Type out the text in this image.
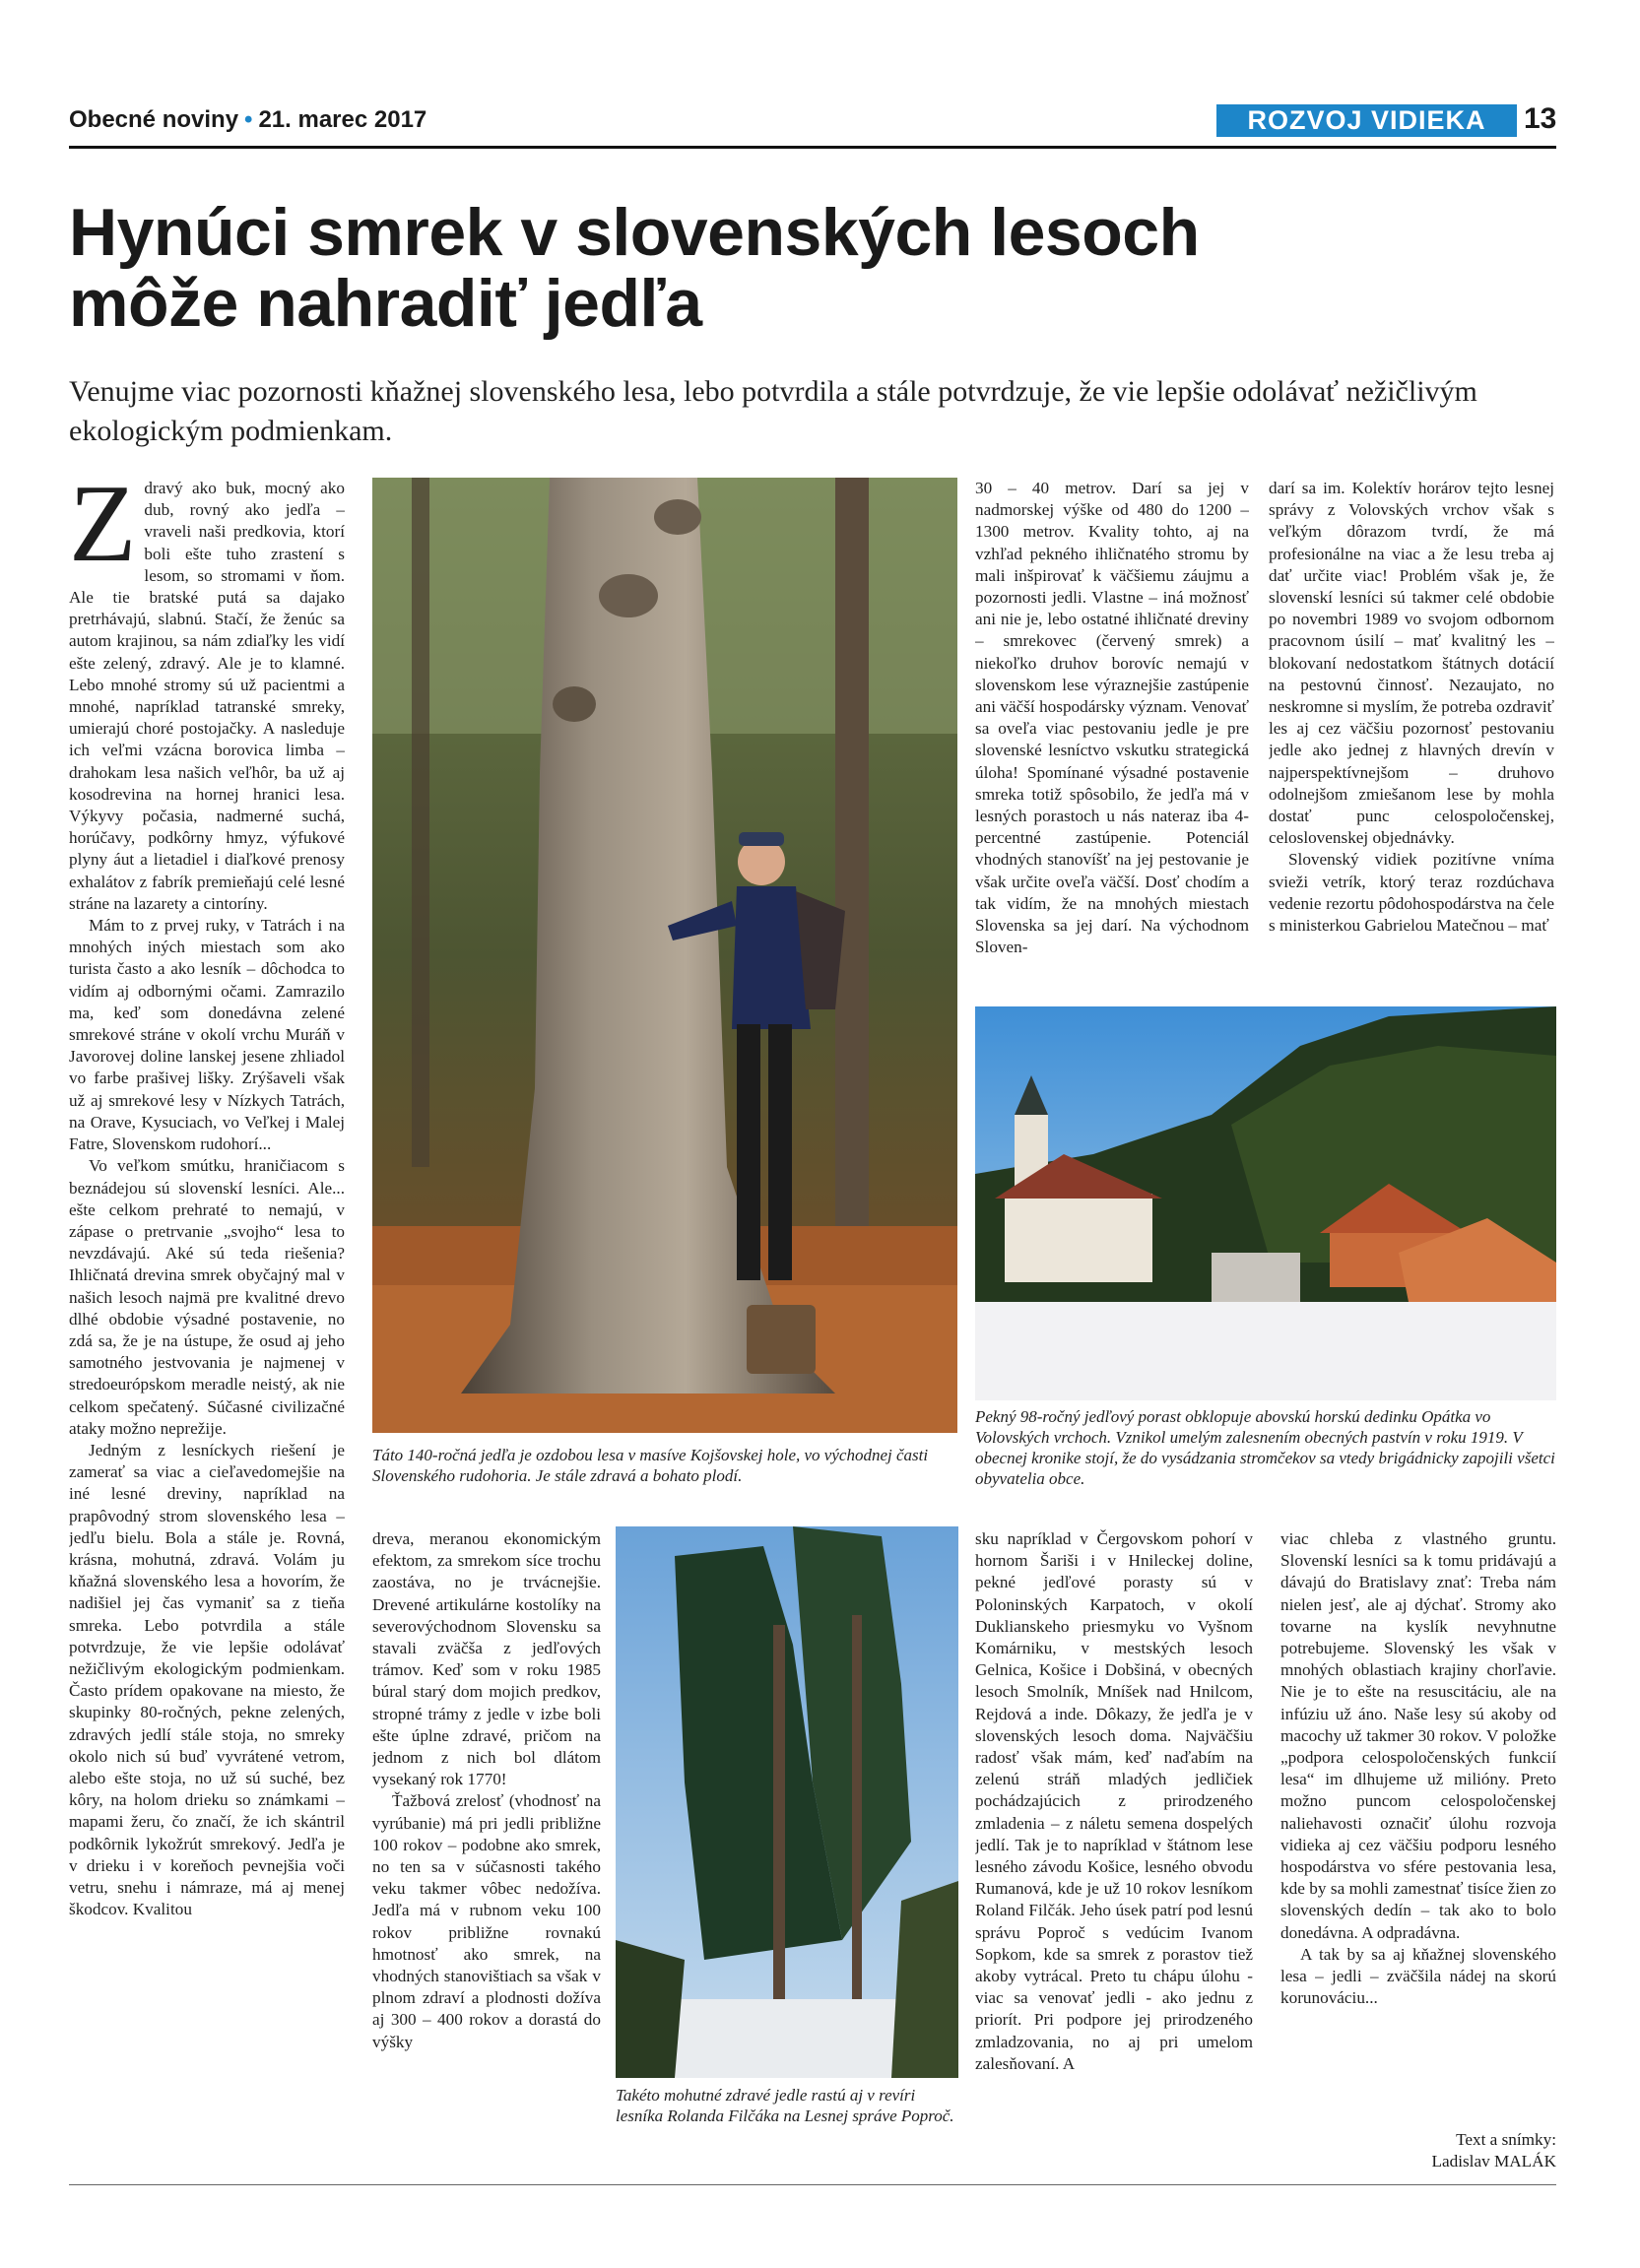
Obecné noviny • 21. marec 2017	ROZVOJ VIDIEKA	13
Hynúci smrek v slovenských lesoch
môže nahradiť jedľa
Venujme viac pozornosti kňažnej slovenského lesa, lebo potvrdila a stále potvrdzuje, že vie lepšie odolávať nežičlivým ekologickým podmienkam.

Zdravý ako buk, mocný ako dub, rovný ako jedľa – vraveli naši predkovia, ktorí boli ešte tuho zrastení s lesom, so stromami v ňom. Ale tie bratské putá sa dajako pretrhávajú, slabnú. Stačí, že ženúc sa autom krajinou, sa nám zdiaľky les vidí ešte zelený, zdravý. Ale je to klamné. Lebo mnohé stromy sú už pacientmi a mnohé, napríklad tatranské smreky, umierajú choré postojačky. A nasleduje ich veľmi vzácna borovica limba – drahokam lesa našich veľhôr, ba už aj kosodrevina na hornej hranici lesa. Výkyvy počasia, nadmerné suchá, horúčavy, podkôrny hmyz, výfukové plyny áut a lietadiel i diaľkové prenosy exhalátov z fabrík premieňajú celé lesné stráne na lazarety a cintoríny.

Mám to z prvej ruky, v Tatrách i na mnohých iných miestach som ako turista často a ako lesník – dôchodca to vidím aj odbornými očami. Zamrazilo ma, keď som donedávna zelené smrekové stráne v okolí vrchu Muráň v Javorovej doline lanskej jesene zhliadol vo farbe prašivej lišky. Zrýšaveli však už aj smrekové lesy v Nízkych Tatrách, na Orave, Kysuciach, vo Veľkej i Malej Fatre, Slovenskom rudohorí...

Vo veľkom smútku, hraničiacom s beznádejou sú slovenskí lesníci. Ale... ešte celkom prehraté to nemajú, v zápase o pretrvanie „svojho“ lesa to nevzdávajú. Aké sú teda riešenia? Ihličnatá drevina smrek obyčajný mal v našich lesoch najmä pre kvalitné drevo dlhé obdobie výsadné postavenie, no zdá sa, že je na ústupe, že osud aj jeho samotného jestvovania je najmenej v stredoeurópskom meradle neistý, ak nie celkom spečatený. Súčasné civilizačné ataky možno neprežije.

Jedným z lesníckych riešení je zamerať sa viac a cieľavedomejšie na iné lesné dreviny, napríklad na prapôvodný strom slovenského lesa – jedľu bielu. Bola a stále je. Rovná, krásna, mohutná, zdravá. Volám ju kňažná slovenského lesa a hovorím, že nadišiel jej čas vymaniť sa z tieňa smreka. Lebo potvrdila a stále potvrdzuje, že vie lepšie odolávať nežičlivým ekologickým podmienkam. Často prídem opakovane na miesto, že skupinky 80-ročných, pekne zelených, zdravých jedlí stále stoja, no smreky okolo nich sú buď vyvrátené vetrom, alebo ešte stoja, no už sú suché, bez kôry, na holom drieku so známkami – mapami žeru, čo značí, že ich skántril podkôrnik lykožrút smrekový. Jedľa je v drieku i v koreňoch pevnejšia voči vetru, snehu i námraze, má aj menej škodcov. Kvalitou

Táto 140-ročná jedľa je ozdobou lesa v masíve Kojšovskej hole, vo východnej časti Slovenského rudohoria. Je stále zdravá a bohato plodí.

30 – 40 metrov. Darí sa jej v nadmorskej výške od 480 do 1200 – 1300 metrov. Kvality tohto, aj na vzhľad pekného ihličnatého stromu by mali inšpirovať k väčšiemu záujmu a pozornosti jedli. Vlastne – iná možnosť ani nie je, lebo ostatné ihličnaté dreviny – smrekovec (červený smrek) a niekoľko druhov borovíc nemajú v slovenskom lese výraznejšie zastúpenie ani väčší hospodársky význam. Venovať sa oveľa viac pestovaniu jedle je pre slovenské lesníctvo vskutku strategická úloha! Spomínané výsadné postavenie smreka totiž spôsobilo, že jedľa má v lesných porastoch u nás nateraz iba 4-percentné zastúpenie. Potenciál vhodných stanovíšť na jej pestovanie je však určite oveľa väčší. Dosť chodím a tak vidím, že na mnohých miestach Slovenska sa jej darí. Na východnom Sloven-

darí sa im. Kolektív horárov tejto lesnej správy z Volovských vrchov však s veľkým dôrazom tvrdí, že má profesionálne na viac a že lesu treba aj dať určite viac! Problém však je, že slovenskí lesníci sú takmer celé obdobie po novembri 1989 vo svojom odbornom pracovnom úsilí – mať kvalitný les – blokovaní nedostatkom štátnych dotácií na pestovnú činnosť. Nezaujato, no neskromne si myslím, že potreba ozdraviť les aj cez väčšiu pozornosť pestovaniu jedle ako jednej z hlavných drevín v najperspektívnejšom – druhovo odolnejšom zmiešanom lese by mohla dostať punc celospoločenskej, celoslovenskej objednávky.

Slovenský vidiek pozitívne vníma svieži vetrík, ktorý teraz rozdúchava vedenie rezortu pôdohospodárstva na čele s ministerkou Gabrielou Matečnou – mať

Pekný 98-ročný jedľový porast obklopuje abovskú horskú dedinku Opátka vo Volovských vrchoch. Vznikol umelým zalesnením obecných pastvín v roku 1919. V obecnej kronike stojí, že do vysádzania stromčekov sa vtedy brigádnicky zapojili všetci obyvatelia obce.
Takéto mohutné zdravé jedle rastú aj v revíri lesníka Rolanda Filčáka na Lesnej správe Poproč.

dreva, meranou ekonomickým efektom, za smrekom síce trochu zaostáva, no je trvácnejšie. Drevené artikulárne kostolíky na severovýchodnom Slovensku sa stavali zväčša z jedľových trámov. Keď som v roku 1985 búral starý dom mojich predkov, stropné trámy z jedle v izbe boli ešte úplne zdravé, pričom na jednom z nich bol dlátom vysekaný rok 1770!

Ťažbová zrelosť (vhodnosť na vyrúbanie) má pri jedli približne 100 rokov – podobne ako smrek, no ten sa v súčasnosti takého veku takmer vôbec nedožíva. Jedľa má v rubnom veku 100 rokov približne rovnakú hmotnosť ako smrek, na vhodných stanovištiach sa však v plnom zdraví a plodnosti dožíva aj 300 – 400 rokov a dorastá do výšky

sku napríklad v Čergovskom pohorí v hornom Šariši i v Hnileckej doline, pekné jedľové porasty sú v Poloninských Karpatoch, v okolí Duklianskeho priesmyku vo Vyšnom Komárniku, v mestských lesoch Gelnica, Košice i Dobšiná, v obecných lesoch Smolník, Mníšek nad Hnilcom, Rejdová a inde. Dôkazy, že jedľa je v slovenských lesoch doma. Najväčšiu radosť však mám, keď naďabím na zelenú stráň mladých jedličiek pochádzajúcich z prirodzeného zmladenia – z náletu semena dospelých jedlí. Tak je to napríklad v štátnom lese lesného závodu Košice, lesného obvodu Rumanová, kde je už 10 rokov lesníkom Roland Filčák. Jeho úsek patrí pod lesnú správu Poproč s vedúcim Ivanom Sopkom, kde sa smrek z porastov tiež akoby vytrácal. Preto tu chápu úlohu - viac sa venovať jedli - ako jednu z priorít. Pri podpore jej prirodzeného zmladzovania, no aj pri umelom zalesňovaní. A

viac chleba z vlastného gruntu. Slovenskí lesníci sa k tomu pridávajú a dávajú do Bratislavy znať: Treba nám nielen jesť, ale aj dýchať. Stromy ako tovarne na kyslík nevyhnutne potrebujeme. Slovenský les však v mnohých oblastiach krajiny chorľavie. Nie je to ešte na resuscitáciu, ale na infúziu už áno. Naše lesy sú akoby od macochy už takmer 30 rokov. V položke „podpora celospoločenských funkcií lesa“ im dlhujeme už milióny. Preto možno puncom celospoločenskej naliehavosti označiť úlohu rozvoja vidieka aj cez väčšiu podporu lesného hospodárstva vo sfére pestovania lesa, kde by sa mohli zamestnať tisíce žien zo slovenských dedín – tak ako to bolo donedávna. A odpradávna.

A tak by sa aj kňažnej slovenského lesa – jedli – zväčšila nádej na skorú korunováciu...

Text a snímky:
Ladislav MALÁK
